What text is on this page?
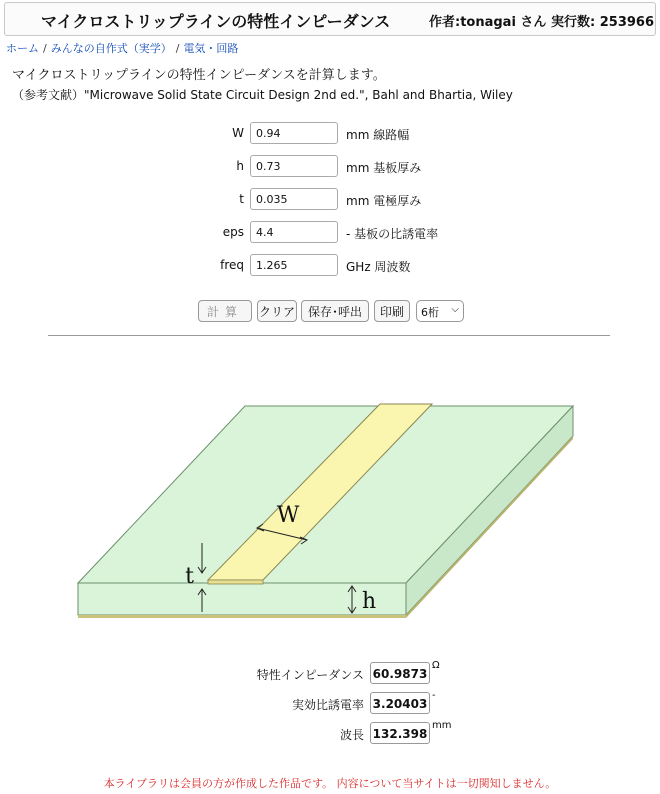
マイクロストリップラインの特性インピーダンス	作者:tonagai さん 実行数: 253966
ホーム / みんなの自作式（実学） / 電気・回路
マイクロストリップラインの特性インピーダンスを計算します。
（参考文献）"Microwave Solid State Circuit Design 2nd ed.", Bahl and Bhartia, Wiley
W
0.94	mm 線路幅
h
0.73	mm 基板厚み
t
0.035	mm 電極厚み
eps
4.4	- 基板の比誘電率
freq
1.265	GHz 周波数
計算	クリア	保存･呼出	印刷	6桁 ⌵
W
t
h
特性インピーダンス 60.9873
Ω
実効比誘電率 3.20403
-
波長 132.398
mm
本ライブラリは会員の方が作成した作品です。 内容について当サイトは一切関知しません。
